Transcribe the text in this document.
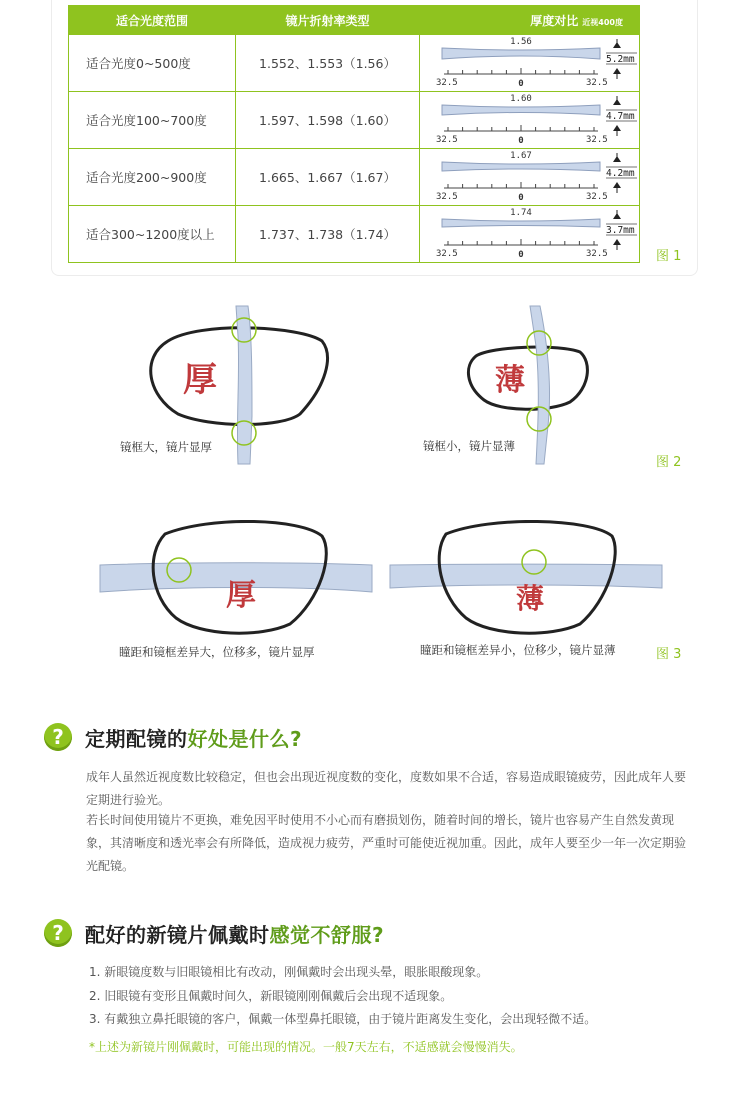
适合光度范围	镜片折射率类型	厚度对比 近视400度
适合光度0~500度	1.552、1.553（1.56）	1.56
32.5 0 32.5
5.2mm

适合光度100~700度	1.597、1.598（1.60）	1.60
32.5 0 32.5
4.7mm

适合光度200~900度	1.665、1.667（1.67）	1.67
32.5 0 32.5
4.2mm

适合300~1200度以上	1.737、1.738（1.74）	1.74
32.5 0 32.5
3.7mm
图 1
厚	薄
镜框大，镜片显厚	镜框小，镜片显薄
图 2
厚	薄
瞳距和镜框差异大，位移多，镜片显厚	瞳距和镜框差异小，位移少，镜片显薄	图 3
?	定期配镜的好处是什么?

成年人虽然近视度数比较稳定，但也会出现近视度数的变化，度数如果不合适，容易造成眼镜疲劳，因此成年人要定期进行验光。

若长时间使用镜片不更换，难免因平时使用不小心而有磨损划伤，随着时间的增长，镜片也容易产生自然发黄现象，其清晰度和透光率会有所降低，造成视力疲劳，严重时可能使近视加重。因此，成年人要至少一年一次定期验光配镜。

?	配好的新镜片佩戴时感觉不舒服?
1. 新眼镜度数与旧眼镜相比有改动，刚佩戴时会出现头晕，眼胀眼酸现象。
2. 旧眼镜有变形且佩戴时间久，新眼镜刚刚佩戴后会出现不适现象。
3. 有戴独立鼻托眼镜的客户，佩戴一体型鼻托眼镜，由于镜片距离发生变化，会出现轻微不适。
*上述为新镜片刚佩戴时，可能出现的情况。一般7天左右，不适感就会慢慢消失。
